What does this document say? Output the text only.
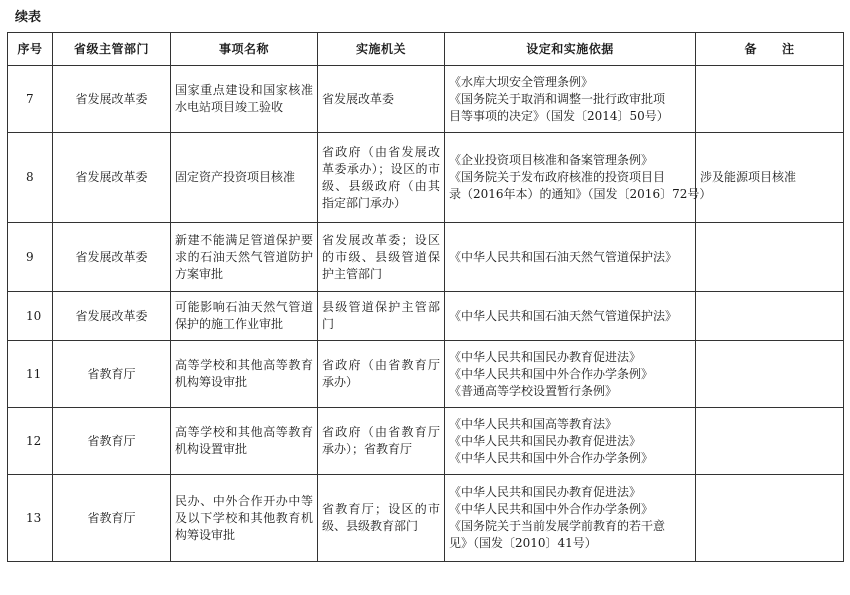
续表
序号	省级主管部门	事项名称	实施机关	设定和实施依据	备　　注
7	省发展改革委	国家重点建设和国家核准水电站项目竣工验收	省发展改革委	《水库大坝安全管理条例》
《国务院关于取消和调整一批行政审批项
目等事项的决定》（国发〔2014〕50号）	

8	省发展改革委	固定资产投资项目核准	省政府（由省发展改革委承办）；设区的市级、县级政府（由其指定部门承办）	《企业投资项目核准和备案管理条例》
《国务院关于发布政府核准的投资项目目
录（2016年本）的通知》（国发〔2016〕72号）	涉及能源项目核准
9	省发展改革委	新建不能满足管道保护要求的石油天然气管道防护方案审批	省发展改革委；设区的市级、县级管道保护主管部门	《中华人民共和国石油天然气管道保护法》	

10	省发展改革委	可能影响石油天然气管道保护的施工作业审批	县级管道保护主管部门	《中华人民共和国石油天然气管道保护法》	

11	省教育厅	高等学校和其他高等教育机构筹设审批	省政府（由省教育厅承办）	《中华人民共和国民办教育促进法》
《中华人民共和国中外合作办学条例》
《普通高等学校设置暂行条例》	

12	省教育厅	高等学校和其他高等教育机构设置审批	省政府（由省教育厅承办）；省教育厅	《中华人民共和国高等教育法》
《中华人民共和国民办教育促进法》
《中华人民共和国中外合作办学条例》	

13	省教育厅	民办、中外合作开办中等及以下学校和其他教育机构筹设审批	省教育厅；设区的市级、县级教育部门	《中华人民共和国民办教育促进法》
《中华人民共和国中外合作办学条例》
《国务院关于当前发展学前教育的若干意
见》（国发〔2010〕41号）	
